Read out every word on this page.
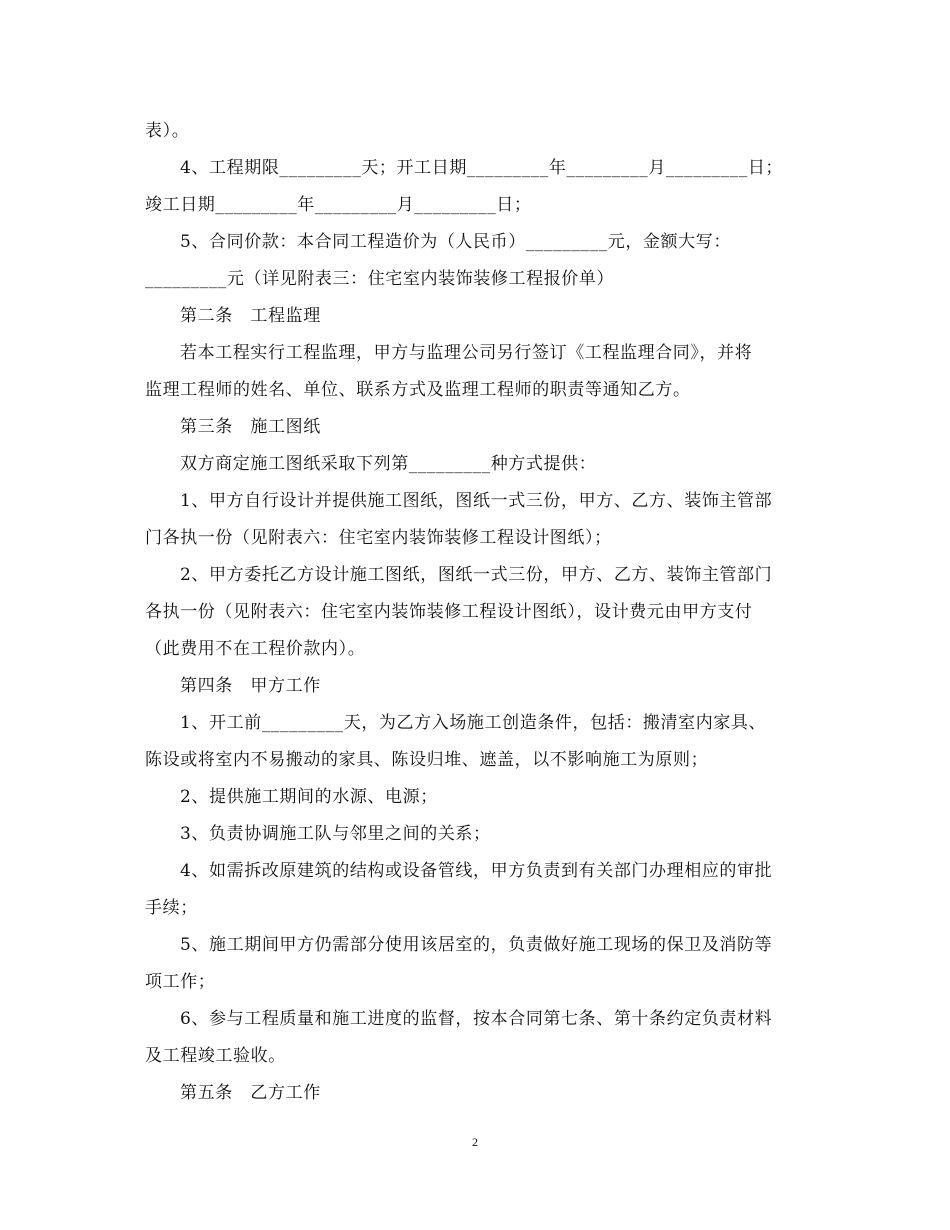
表）。
4、工程期限_________天；开工日期_________年_________月_________日；
竣工日期_________年_________月_________日；
5、合同价款：本合同工程造价为（人民币）_________元，金额大写：
_________元（详见附表三：住宅室内装饰装修工程报价单）
第二条　工程监理
若本工程实行工程监理，甲方与监理公司另行签订《工程监理合同》，并将
监理工程师的姓名、单位、联系方式及监理工程师的职责等通知乙方。
第三条　施工图纸
双方商定施工图纸采取下列第_________种方式提供：
1、甲方自行设计并提供施工图纸，图纸一式三份，甲方、乙方、装饰主管部
门各执一份（见附表六：住宅室内装饰装修工程设计图纸）；
2、甲方委托乙方设计施工图纸，图纸一式三份，甲方、乙方、装饰主管部门
各执一份（见附表六：住宅室内装饰装修工程设计图纸），设计费元由甲方支付
（此费用不在工程价款内）。
第四条　甲方工作
1、开工前_________天，为乙方入场施工创造条件，包括：搬清室内家具、
陈设或将室内不易搬动的家具、陈设归堆、遮盖，以不影响施工为原则；
2、提供施工期间的水源、电源；
3、负责协调施工队与邻里之间的关系；
4、如需拆改原建筑的结构或设备管线，甲方负责到有关部门办理相应的审批
手续；
5、施工期间甲方仍需部分使用该居室的，负责做好施工现场的保卫及消防等
项工作；
6、参与工程质量和施工进度的监督，按本合同第七条、第十条约定负责材料
及工程竣工验收。
第五条　乙方工作
2
